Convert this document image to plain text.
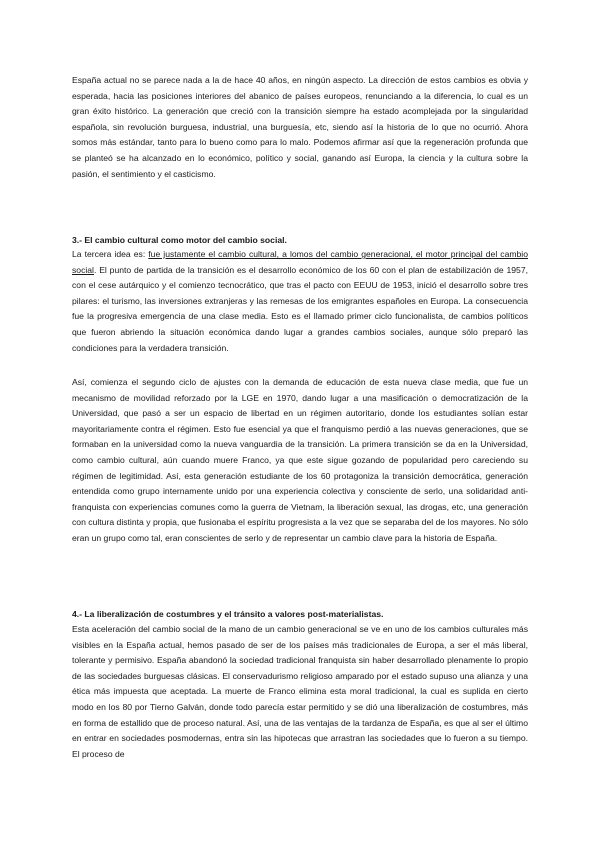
España actual no se parece nada a la de hace 40 años, en ningún aspecto. La dirección de estos cambios es obvia y esperada, hacia las posiciones interiores del abanico de países europeos, renunciando a la diferencia, lo cual es un gran éxito histórico. La generación que creció con la transición siempre ha estado acomplejada por la singularidad española, sin revolución burguesa, industrial, una burguesía, etc, siendo así la historia de lo que no ocurrió. Ahora somos más estándar, tanto para lo bueno como para lo malo. Podemos afirmar así que la regeneración profunda que se planteó se ha alcanzado en lo económico, político y social, ganando así Europa, la ciencia y la cultura sobre la pasión, el sentimiento y el casticismo.

3.- El cambio cultural como motor del cambio social.

La tercera idea es: fue justamente el cambio cultural, a lomos del cambio generacional, el motor principal del cambio social. El punto de partida de la transición es el desarrollo económico de los 60 con el plan de estabilización de 1957, con el cese autárquico y el comienzo tecnocrático, que tras el pacto con EEUU de 1953, inició el desarrollo sobre tres pilares: el turismo, las inversiones extranjeras y las remesas de los emigrantes españoles en Europa. La consecuencia fue la progresiva emergencia de una clase media. Esto es el llamado primer ciclo funcionalista, de cambios políticos que fueron abriendo la situación económica dando lugar a grandes cambios sociales, aunque sólo preparó las condiciones para la verdadera transición.

Así, comienza el segundo ciclo de ajustes con la demanda de educación de esta nueva clase media, que fue un mecanismo de movilidad reforzado por la LGE en 1970, dando lugar a una masificación o democratización de la Universidad, que pasó a ser un espacio de libertad en un régimen autoritario, donde los estudiantes solían estar mayoritariamente contra el régimen. Esto fue esencial ya que el franquismo perdió a las nuevas generaciones, que se formaban en la universidad como la nueva vanguardia de la transición. La primera transición se da en la Universidad, como cambio cultural, aún cuando muere Franco, ya que este sigue gozando de popularidad pero careciendo su régimen de legitimidad. Así, esta generación estudiante de los 60 protagoniza la transición democrática, generación entendida como grupo internamente unido por una experiencia colectiva y consciente de serlo, una solidaridad anti-franquista con experiencias comunes como la guerra de Vietnam, la liberación sexual, las drogas, etc, una generación con cultura distinta y propia, que fusionaba el espíritu progresista a la vez que se separaba del de los mayores. No sólo eran un grupo como tal, eran conscientes de serlo y de representar un cambio clave para la historia de España.

4.- La liberalización de costumbres y el tránsito a valores post-materialistas.

Esta aceleración del cambio social de la mano de un cambio generacional se ve en uno de los cambios culturales más visibles en la España actual, hemos pasado de ser de los países más tradicionales de Europa, a ser el más liberal, tolerante y permisivo. España abandonó la sociedad tradicional franquista sin haber desarrollado plenamente lo propio de las sociedades burguesas clásicas. El conservadurismo religioso amparado por el estado supuso una alianza y una ética más impuesta que aceptada. La muerte de Franco elimina esta moral tradicional, la cual es suplida en cierto modo en los 80 por Tierno Galván, donde todo parecía estar permitido y se dió una liberalización de costumbres, más en forma de estallido que de proceso natural. Así, una de las ventajas de la tardanza de España, es que al ser el último en entrar en sociedades posmodernas, entra sin las hipotecas que arrastran las sociedades que lo fueron a su tiempo. El proceso de
